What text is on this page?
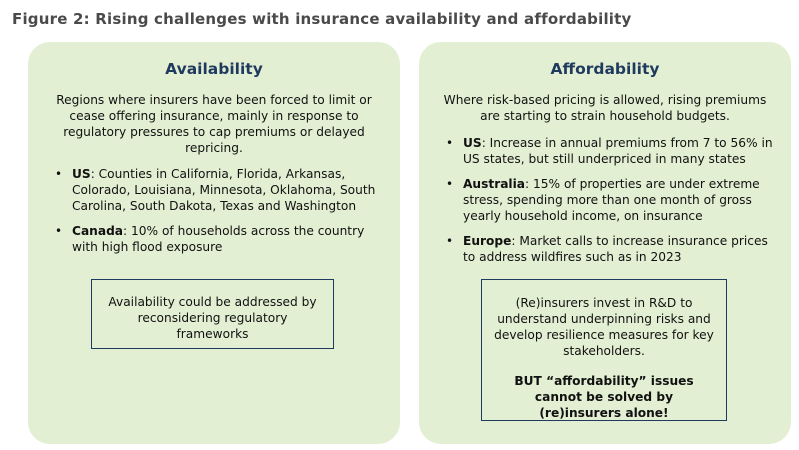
Figure 2: Rising challenges with insurance availability and affordability
Availability
Regions where insurers have been forced to limit or cease offering insurance, mainly in response to regulatory pressures to cap premiums or delayed repricing.
• US: Counties in California, Florida, Arkansas, Colorado, Louisiana, Minnesota, Oklahoma, South Carolina, South Dakota, Texas and Washington
• Canada: 10% of households across the country with high flood exposure
Availability could be addressed by reconsidering regulatory frameworks
Affordability
Where risk-based pricing is allowed, rising premiums are starting to strain household budgets.
• US: Increase in annual premiums from 7 to 56% in US states, but still underpriced in many states
• Australia: 15% of properties are under extreme stress, spending more than one month of gross yearly household income, on insurance
• Europe: Market calls to increase insurance prices to address wildfires such as in 2023
(Re)insurers invest in R&D to understand underpinning risks and develop resilience measures for key stakeholders.
BUT “affordability” issues cannot be solved by (re)insurers alone!
